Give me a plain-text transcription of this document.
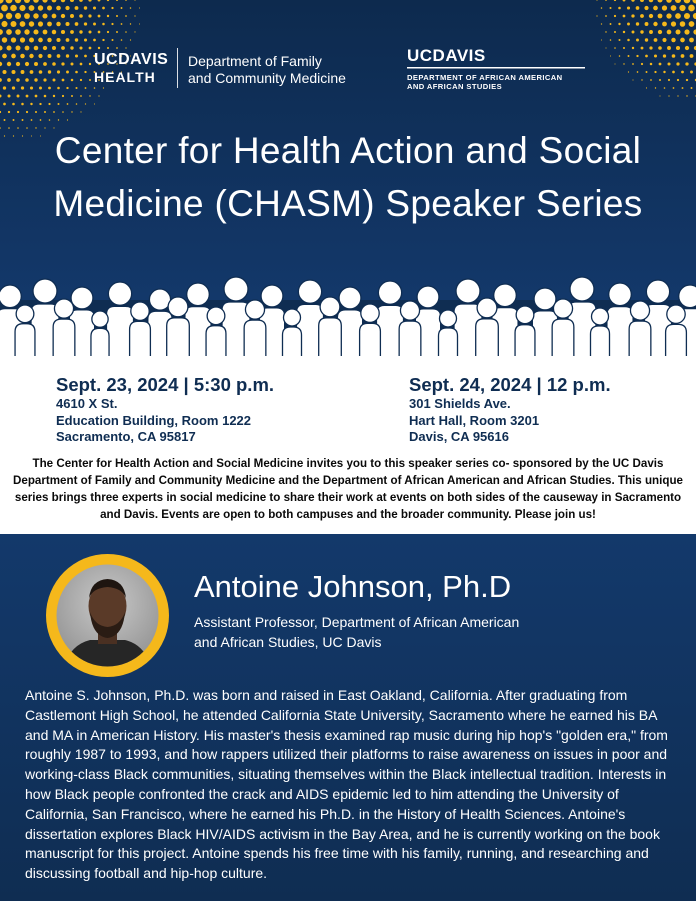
UCDAVIS
HEALTH
Department of Family
and Community Medicine
UCDAVIS
DEPARTMENT OF AFRICAN AMERICAN
AND AFRICAN STUDIES
Center for Health Action and Social
Medicine (CHASM) Speaker Series
Sept. 23, 2024 | 5:30 p.m.
4610 X St.
Education Building, Room 1222
Sacramento, CA 95817
Sept. 24, 2024 | 12 p.m.
301 Shields Ave.
Hart Hall, Room 3201
Davis, CA 95616
The Center for Health Action and Social Medicine invites you to this speaker series co- sponsored by the UC Davis Department of Family and Community Medicine and the Department of African American and African Studies. This unique series brings three experts in social medicine to share their work at events on both sides of the causeway in Sacramento and Davis. Events are open to both campuses and the broader community. Please join us!
Antoine Johnson, Ph.D
Assistant Professor, Department of African American
and African Studies, UC Davis
Antoine S. Johnson, Ph.D. was born and raised in East Oakland, California. After graduating from Castlemont High School, he attended California State University, Sacramento where he earned his BA and MA in American History. His master's thesis examined rap music during hip hop's "golden era," from roughly 1987 to 1993, and how rappers utilized their platforms to raise awareness on issues in poor and working-class Black communities, situating themselves within the Black intellectual tradition. Interests in how Black people confronted the crack and AIDS epidemic led to him attending the University of California, San Francisco, where he earned his Ph.D. in the History of Health Sciences. Antoine's dissertation explores Black HIV/AIDS activism in the Bay Area, and he is currently working on the book manuscript for this project. Antoine spends his free time with his family, running, and researching and discussing football and hip-hop culture.
